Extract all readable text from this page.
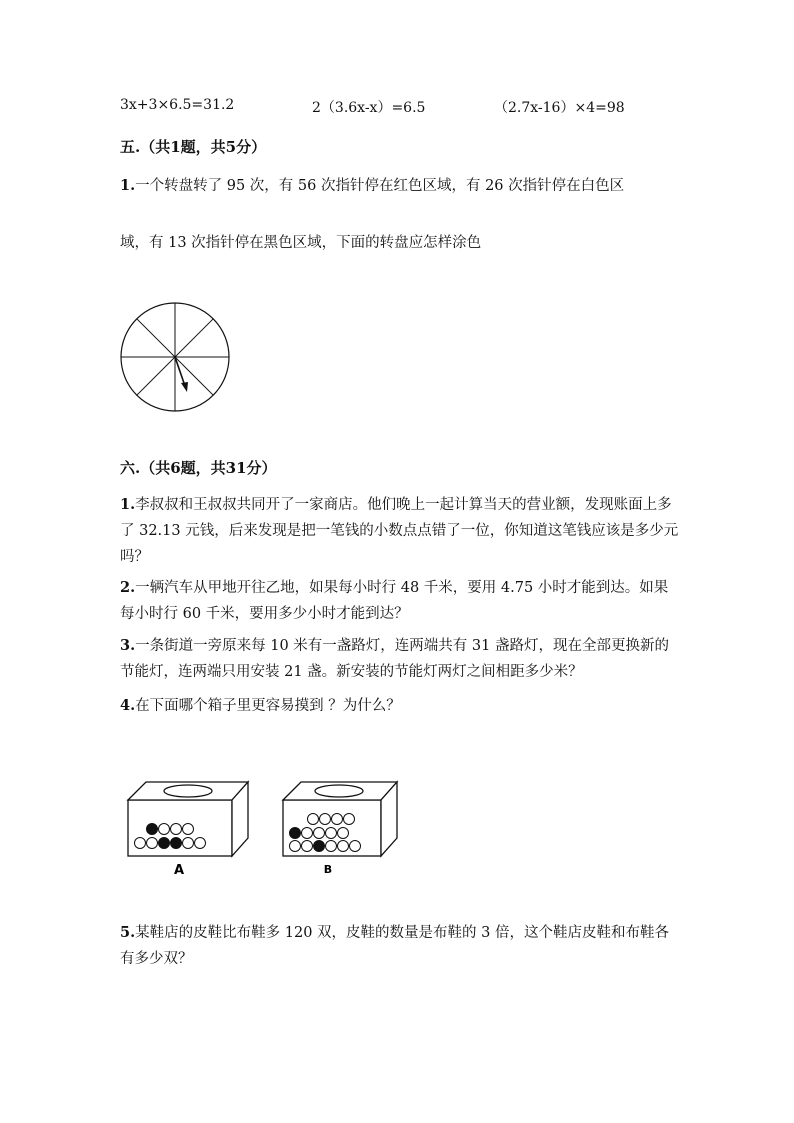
3x+3×6.5=31.2	2（3.6x-x）=6.5	（2.7x-16）×4=98
五.（共1题，共5分）
1.一个转盘转了 95 次，有 56 次指针停在红色区域，有 26 次指针停在白色区
域，有 13 次指针停在黑色区域，下面的转盘应怎样涂色
六.（共6题，共31分）
1.李叔叔和王叔叔共同开了一家商店。他们晚上一起计算当天的营业额，发现账面上多了 32.13 元钱，后来发现是把一笔钱的小数点点错了一位，你知道这笔钱应该是多少元吗？
2.一辆汽车从甲地开往乙地，如果每小时行 48 千米，要用 4.75 小时才能到达。如果每小时行 60 千米，要用多少小时才能到达？
3.一条街道一旁原来每 10 米有一盏路灯，连两端共有 31 盏路灯，现在全部更换新的节能灯，连两端只用安装 21 盏。新安装的节能灯两灯之间相距多少米？
4.在下面哪个箱子里更容易摸到 ？为什么？
A	B
5.某鞋店的皮鞋比布鞋多 120 双，皮鞋的数量是布鞋的 3 倍，这个鞋店皮鞋和布鞋各有多少双？
